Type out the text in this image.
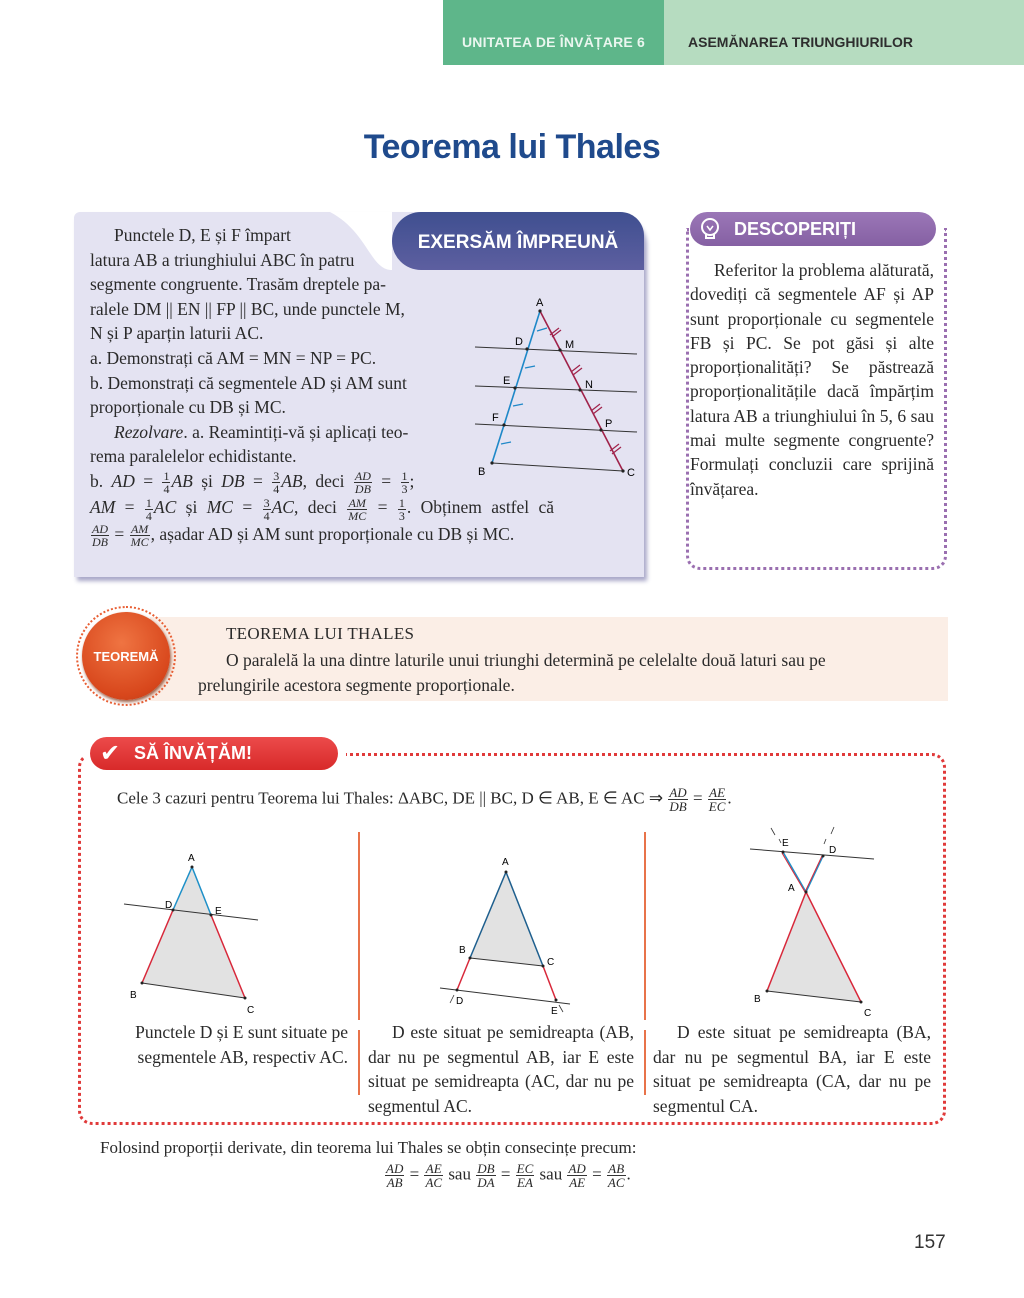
UNITATEA DE ÎNVĂȚARE 6	ASEMĂNAREA TRIUNGHIURILOR
Teorema lui Thales
EXERSĂM ÎMPREUNĂ

Punctele D, E și F împart

latura AB a triunghiului ABC în patru

segmente congruente. Trasăm dreptele pa-

ralele DM || EN || FP || BC, unde punctele M,

N și P aparțin laturii AC.

a. Demonstrați că AM = MN = NP = PC.

b. Demonstrați că segmentele AD și AM sunt

proporționale cu DB și MC.

Rezolvare. a. Reamintiți-vă și aplicați teo-

rema paralelelor echidistante.

b. AD = $\frac{1}{4}$ AB și DB = $\frac{3}{4}$ AB, deci $\frac{AD}{DB} = \frac{1}{3}$ ;

AM = $\frac{1}{4}$ AC și MC = $\frac{3}{4}$ AC, deci $\frac{AM}{MC} = \frac{1}{3}$ . Obținem astfel că

$\frac{AD}{DB} = \frac{AM}{MC}$ , așadar AD și AM sunt proporționale cu DB și MC.

A
D
E
F
B
M
N
P
C
DESCOPERIȚI

Referitor la problema alăturată, dovediți că segmentele AF și AP sunt proporționale cu segmentele FB și PC. Se pot găsi și alte proporționalități? Se păstrează proporționalitățile dacă împărțim latura AB a triunghiului în 5, 6 sau mai multe segmente congruente? Formulați concluzii care sprijină învățarea.

TEOREMĂ
TEOREMA LUI THALES
O paralelă la una dintre laturile unui triunghi determină pe celelalte două laturi sau pe
prelungirile acestora segmente proporționale.
SĂ ÎNVĂȚĂM!
✔
Cele 3 cazuri pentru Teorema lui Thales: ΔABC, DE || BC, D ∈ AB, E ∈ AC ⇒ $\frac{AD}{DB} = \frac{AE}{EC}$ .
A
B
C
D
E
A
B
C
D
E
A
B
C
D
E
Punctele D și E sunt situate pe segmentele AB, respectiv AC.
D este situat pe semidreapta (AB, dar nu pe segmentul AB, iar E este situat pe semidreapta (AC, dar nu pe segmentul AC.
D este situat pe semidreapta (BA, dar nu pe segmentul BA, iar E este situat pe semidreapta (CA, dar nu pe segmentul CA.
Folosind proporții derivate, din teorema lui Thales se obțin consecințe precum:
$\frac{AD}{AB} = \frac{AE}{AC}$ sau $\frac{DB}{DA} = \frac{EC}{EA}$ sau $\frac{AD}{AE} = \frac{AB}{AC}$ .
157
